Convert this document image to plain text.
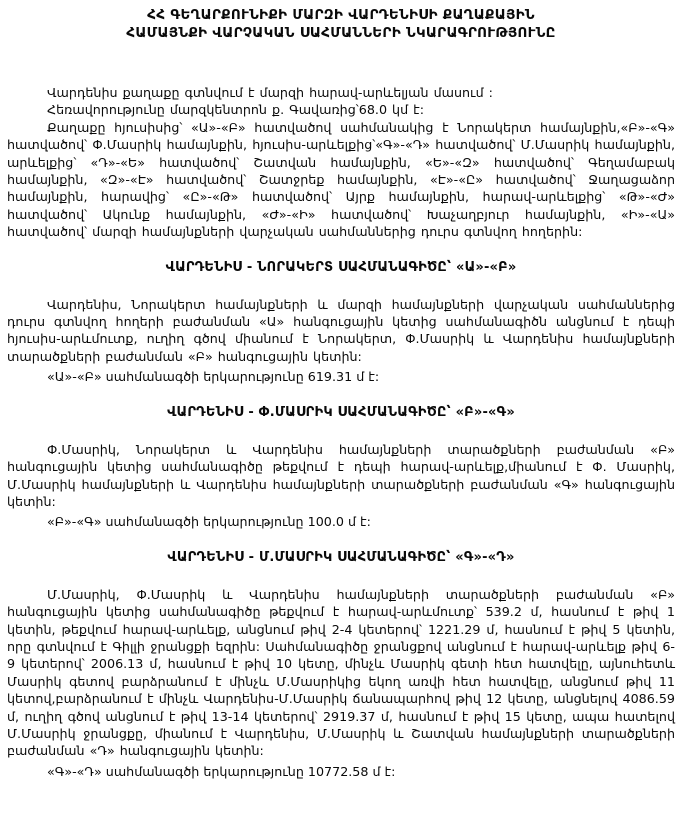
ՀՀ ԳԵՂԱՐՔՈՒՆԻՔԻ ՄԱՐԶԻ ՎԱՐԴԵՆԻՍԻ ՔԱՂԱՔԱՅԻՆ
ՀԱՄԱՅՆՔԻ ՎԱՐՉԱԿԱՆ ՍԱՀՄԱՆՆԵՐԻ ՆԿԱՐԱԳՐՈՒԹՅՈՒՆԸ

Վարդենիս քաղաքը գտնվում է մարզի հարավ-արևելյան մասում :

Հեռավորությունը մարզկենտրոն ք. Գավառից՝68.0 կմ է:

Քաղաքը հյուսիսից՝ «Ա»-«Բ» հատվածով սահմանակից է Նորակերտ համայնքին,«Բ»-«Գ» հատվածով՝ Փ.Մասրիկ համայնքին, հյուսիս-արևելքից՝«Գ»-«Դ» հատվածով՝ Մ.Մասրիկ համայնքին, արևելքից՝ «Դ»-«Ե» հատվածով՝ Շատվան համայնքին, «Ե»-«Զ» հատվածով՝ Գեղամաբակ համայնքին, «Զ»-«Է» հատվածով՝ Շատջրեք համայնքին, «Է»-«Ը» հատվածով՝ Ջաղացաձոր համայնքին, հարավից՝ «Ը»-«Թ» հատվածով՝ Այրք համայնքին, հարավ-արևելքից՝ «Թ»-«Ժ» հատվածով՝ Ակունք համայնքին, «Ժ»-«Ի» հատվածով՝ Խաչաղբյուր համայնքին, «Ի»-«Ա» հատվածով՝ մարզի համայնքների վարչական սահմաններից դուրս գտնվող հողերին:

ՎԱՐԴԵՆԻՍ - ՆՈՐԱԿԵՐՏ ՍԱՀՄԱՆԱԳԻԾԸ՝ «Ա»-«Բ»

Վարդենիս, Նորակերտ համայնքների և մարզի համայնքների վարչական սահմաններից դուրս գտնվող հողերի բաժանման «Ա» հանգուցային կետից սահմանագիծն անցնում է դեպի հյուսիս-արևմուտք, ուղիղ գծով միանում է Նորակերտ, Փ.Մասրիկ և Վարդենիս համայնքների տարածքների բաժանման «Բ» հանգուցային կետին:

«Ա»-«Բ» սահմանագծի երկարությունը 619.31 մ է:

ՎԱՐԴԵՆԻՍ - Փ.ՄԱՍՐԻԿ ՍԱՀՄԱՆԱԳԻԾԸ՝ «Բ»-«Գ»

Փ.Մասրիկ, Նորակերտ և Վարդենիս համայնքների տարածքների բաժանման «Բ» հանգուցային կետից սահմանագիծը թեքվում է դեպի հարավ-արևելք,միանում է Փ. Մասրիկ, Մ.Մասրիկ համայնքների և Վարդենիս համայնքների տարածքների բաժանման «Գ» հանգուցային կետին:

«Բ»-«Գ» սահմանագծի երկարությունը 100.0 մ է:

ՎԱՐԴԵՆԻՍ - Մ.ՄԱՍՐԻԿ ՍԱՀՄԱՆԱԳԻԾԸ՝ «Գ»-«Դ»

Մ.Մասրիկ, Փ.Մասրիկ և Վարդենիս համայնքների տարածքների բաժանման «Բ» հանգուցային կետից սահմանագիծը թեքվում է հարավ-արևմուտք՝ 539.2 մ, հասնում է թիվ 1 կետին, թեքվում հարավ-արևելք, անցնում թիվ 2-4 կետերով՝ 1221.29 մ, հասնում է թիվ 5 կետին, որը գտնվում է Գիլլի ջրանցքի եզրին: Սահմանագիծը ջրանցքով անցնում է հարավ-արևելք թիվ 6-9 կետերով՝ 2006.13 մ, հասնում է թիվ 10 կետը, մինչև Մասրիկ գետի հետ հատվելը, այնուհետև Մասրիկ գետով բարձրանում է մինչև Մ.Մասրիկից եկող առվի հետ հատվելը, անցնում թիվ 11 կետով,բարձրանում է մինչև Վարդենիս-Մ.Մասրիկ ճանապարհով թիվ 12 կետը, անցնելով 4086.59 մ, ուղիղ գծով անցնում է թիվ 13-14 կետերով՝ 2919.37 մ, հասնում է թիվ 15 կետը, ապա հատելով Մ.Մասրիկ ջրանցքը, միանում է Վարդենիս, Մ.Մասրիկ և Շատվան համայնքների տարածքների բաժանման «Դ» հանգուցային կետին:

«Գ»-«Դ» սահմանագծի երկարությունը 10772.58 մ է:
